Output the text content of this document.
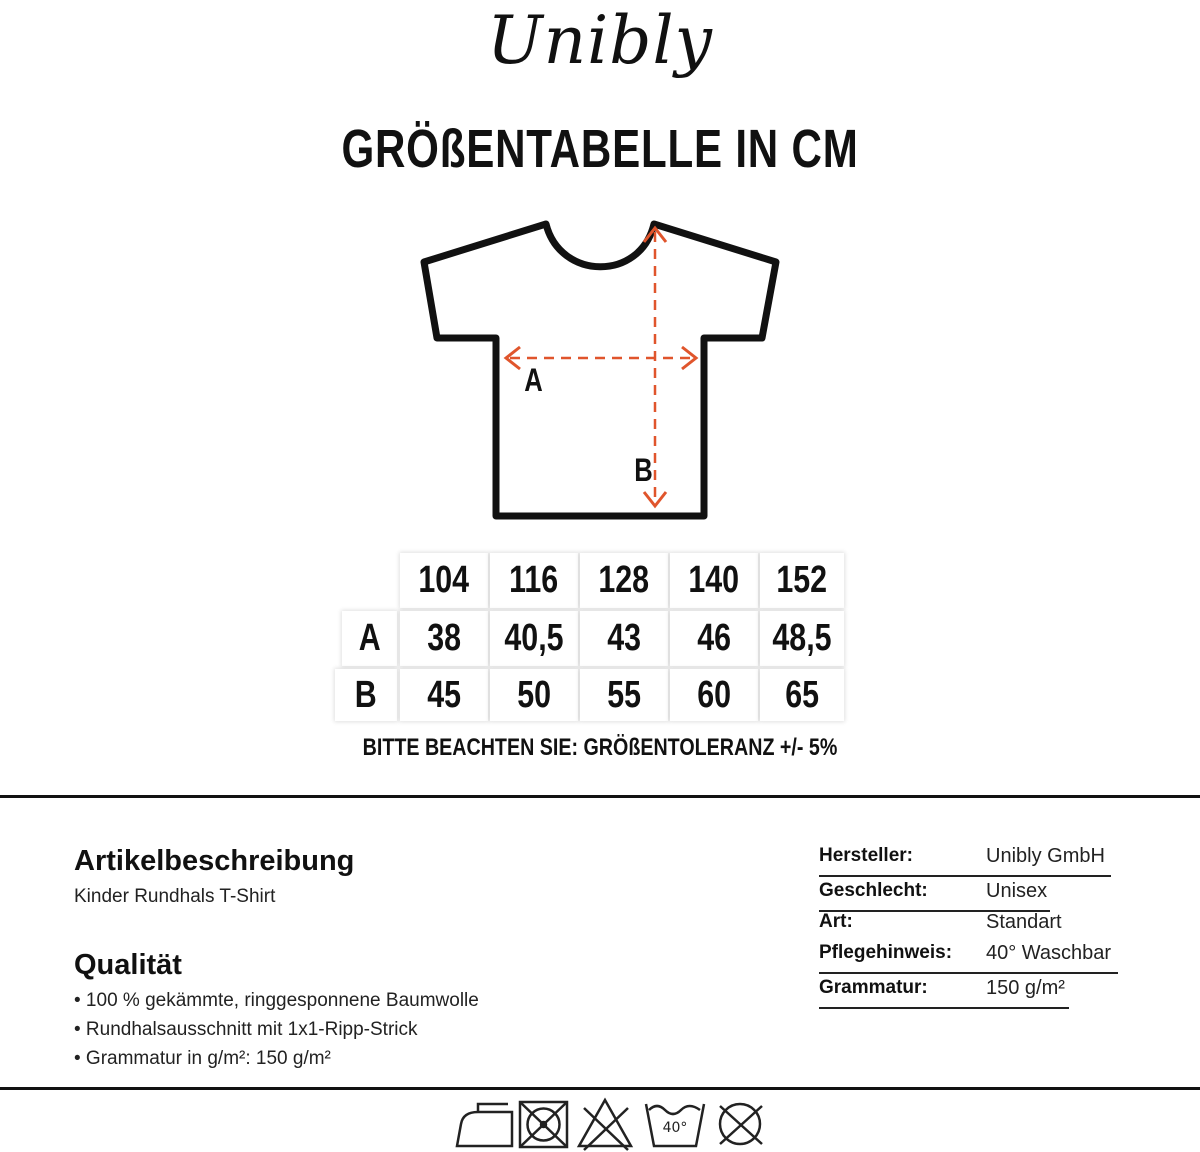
Unibly
GRÖßENTABELLE IN CM
A
B
104 116 128 140 152
A 38 40,5 43 46 48,5
B 45 50 55 60 65
BITTE BEACHTEN SIE: GRÖßENTOLERANZ +/- 5%
Artikelbeschreibung
Kinder Rundhals T-Shirt
Qualität
• 100 % gekämmte, ringgesponnene Baumwolle
• Rundhalsausschnitt mit 1x1-Ripp-Strick
• Grammatur in g/m²: 150 g/m²
Hersteller:	Unibly GmbH
Geschlecht:	Unisex
Art:	Standart
Pflegehinweis: 40° Waschbar
Grammatur:	150 g/m²
40°
